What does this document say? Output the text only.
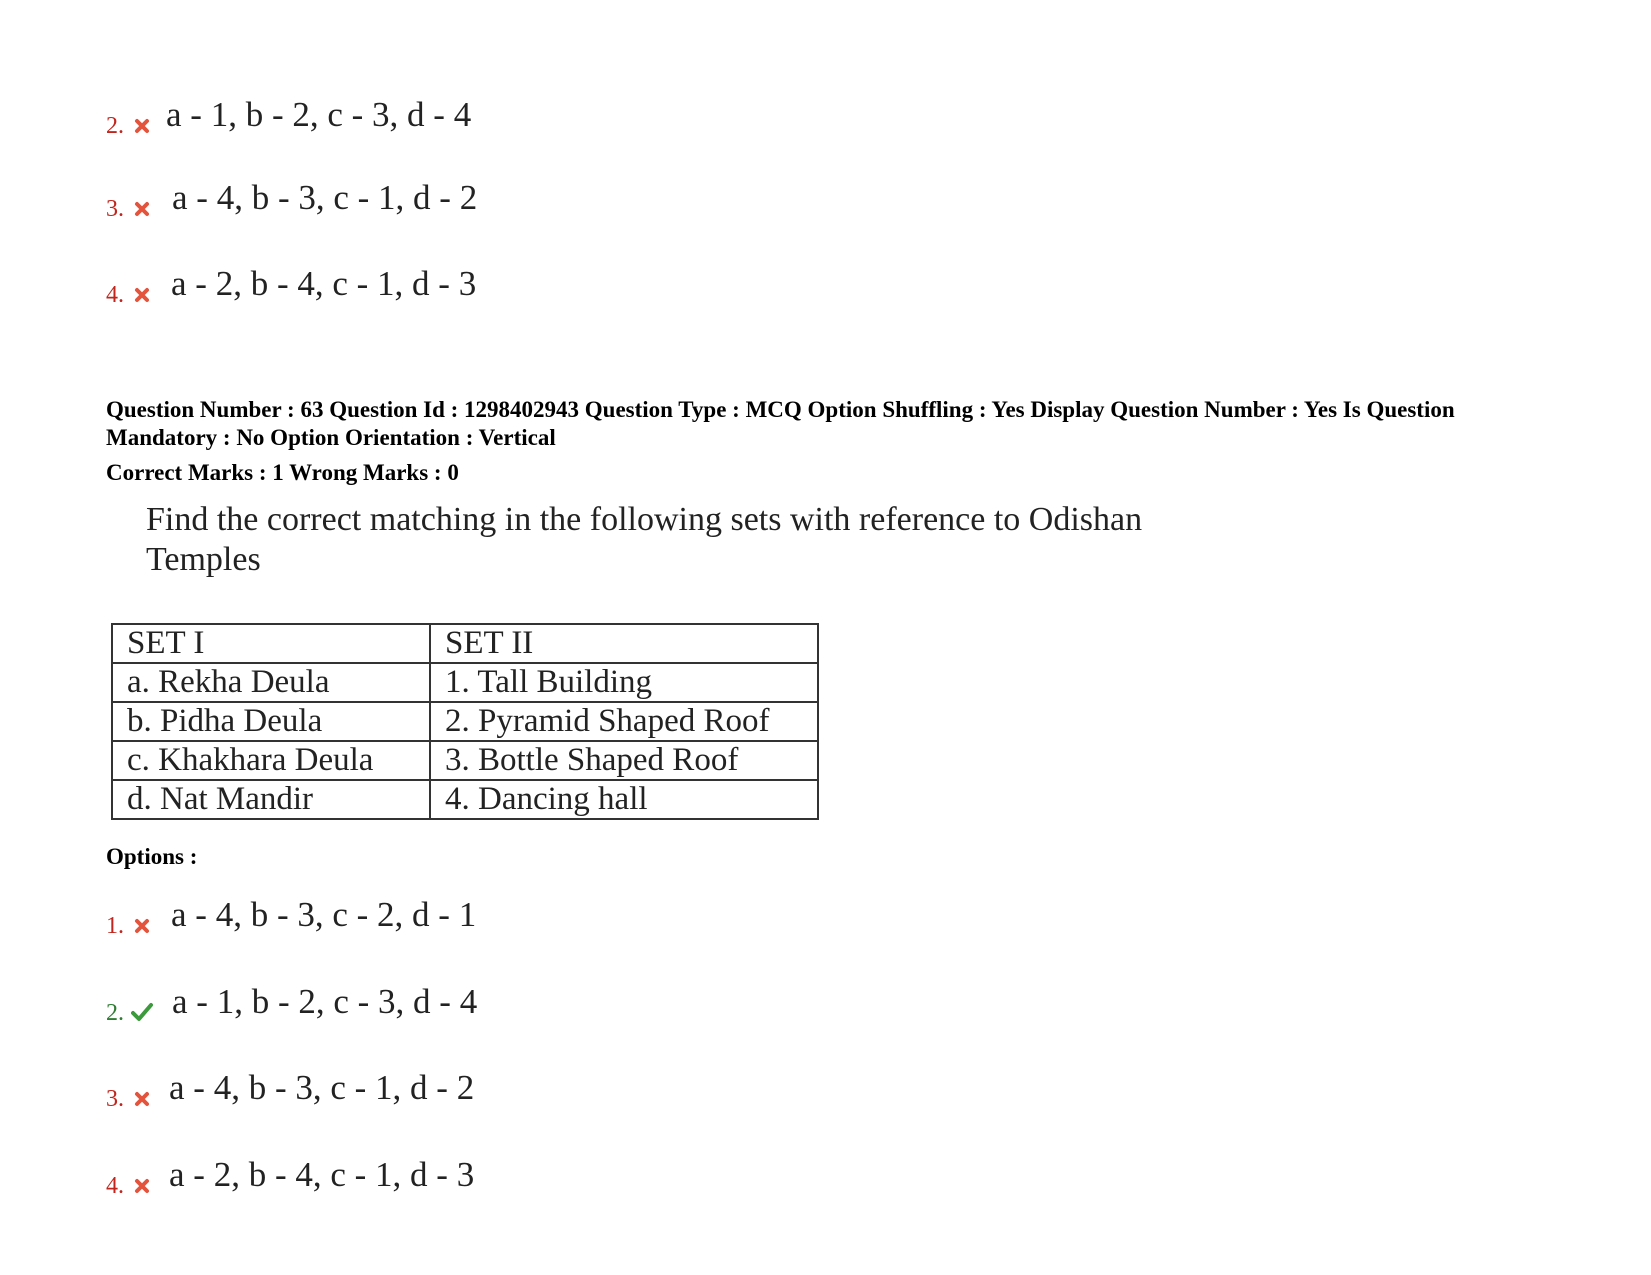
2. a - 1, b - 2, c - 3, d - 4
3. a - 4, b - 3, c - 1, d - 2
4. a - 2, b - 4, c - 1, d - 3
Question Number : 63 Question Id : 1298402943 Question Type : MCQ Option Shuffling : Yes Display Question Number : Yes Is Question Mandatory : No Option Orientation : Vertical
Correct Marks : 1 Wrong Marks : 0
Find the correct matching in the following sets with reference to Odishan Temples
SET I	SET II
a. Rekha Deula	1. Tall Building
b. Pidha Deula	2. Pyramid Shaped Roof
c. Khakhara Deula	3. Bottle Shaped Roof
d. Nat Mandir	4. Dancing hall
Options :
1. a - 4, b - 3, c - 2, d - 1
2. a - 1, b - 2, c - 3, d - 4
3. a - 4, b - 3, c - 1, d - 2
4. a - 2, b - 4, c - 1, d - 3
